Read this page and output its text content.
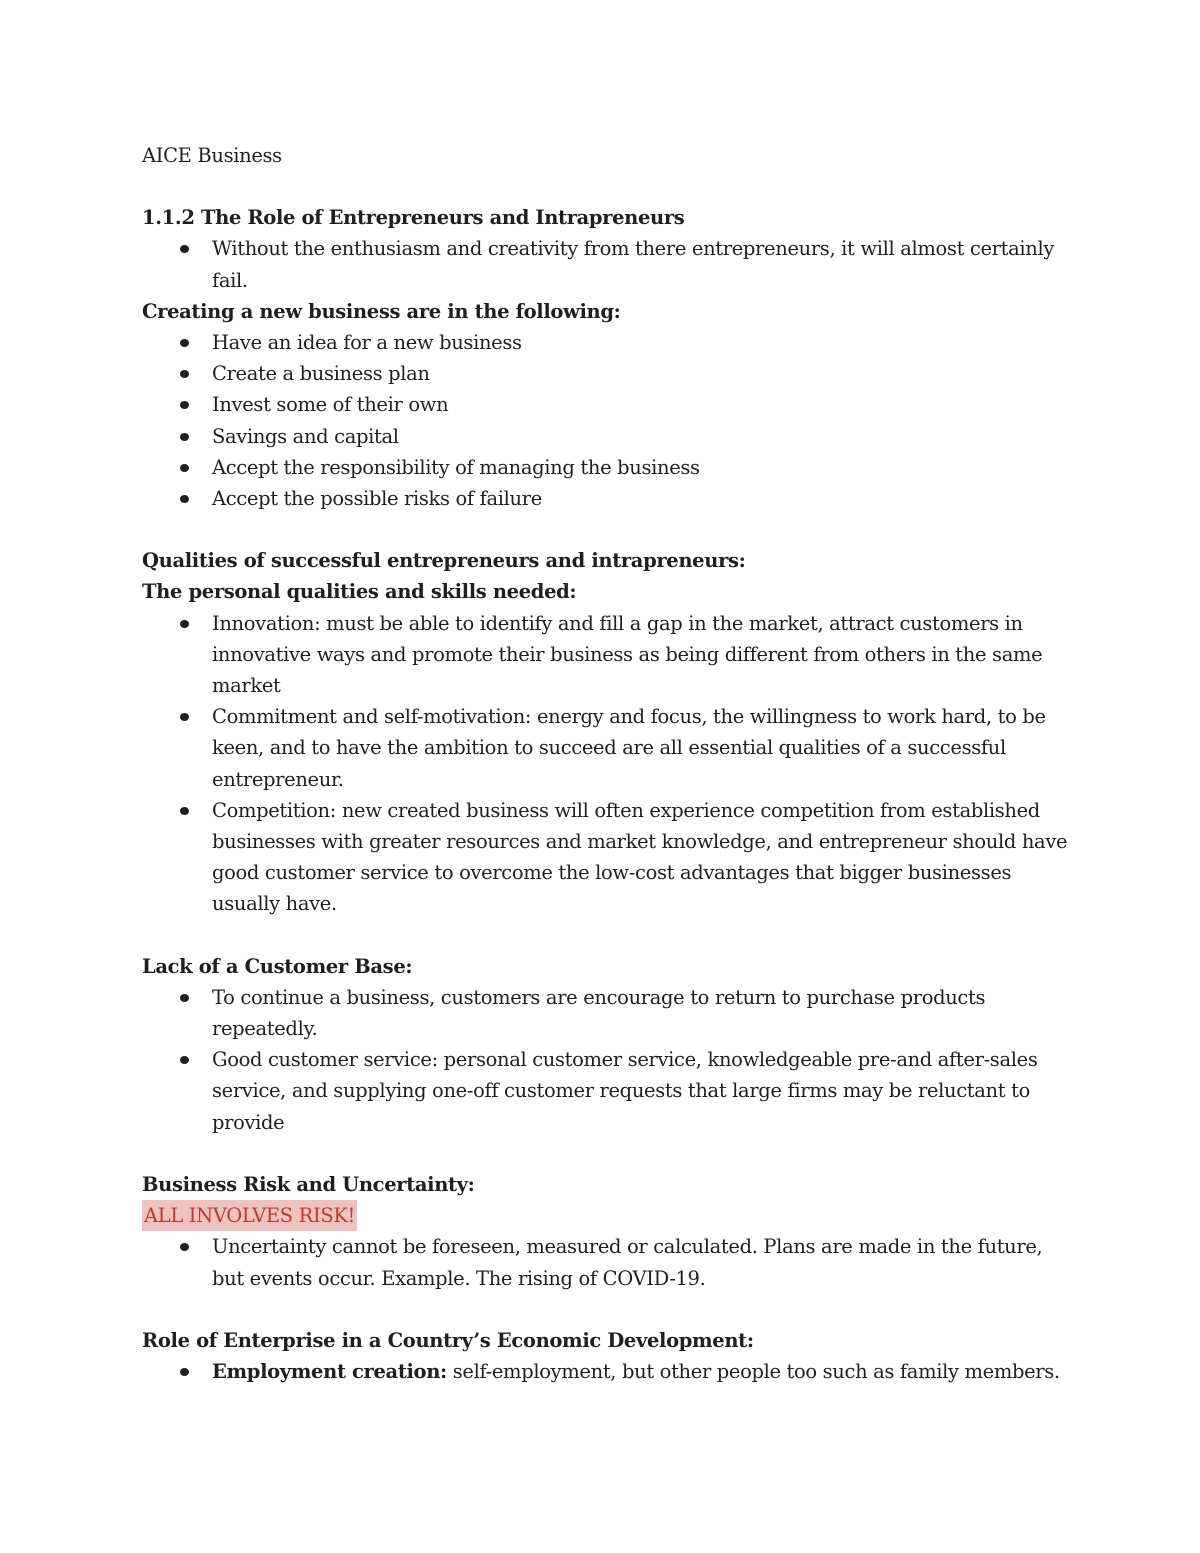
AICE Business

1.1.2 The Role of Entrepreneurs and Intrapreneurs

Without the enthusiasm and creativity from there entrepreneurs, it will almost certainly fail.

Creating a new business are in the following:

Have an idea for a new business
Create a business plan
Invest some of their own
Savings and capital
Accept the responsibility of managing the business
Accept the possible risks of failure

Qualities of successful entrepreneurs and intrapreneurs:

The personal qualities and skills needed:

Innovation: must be able to identify and fill a gap in the market, attract customers in innovative ways and promote their business as being different from others in the same market
Commitment and self-motivation: energy and focus, the willingness to work hard, to be keen, and to have the ambition to succeed are all essential qualities of a successful entrepreneur.
Competition: new created business will often experience competition from established businesses with greater resources and market knowledge, and entrepreneur should have good customer service to overcome the low-cost advantages that bigger businesses usually have.

Lack of a Customer Base:

To continue a business, customers are encourage to return to purchase products repeatedly.
Good customer service: personal customer service, knowledgeable pre-and after-sales service, and supplying one-off customer requests that large firms may be reluctant to provide

Business Risk and Uncertainty:

ALL INVOLVES RISK!

Uncertainty cannot be foreseen, measured or calculated. Plans are made in the future, but events occur. Example. The rising of COVID-19.

Role of Enterprise in a Country’s Economic Development:

Employment creation: self-employment, but other people too such as family members.
